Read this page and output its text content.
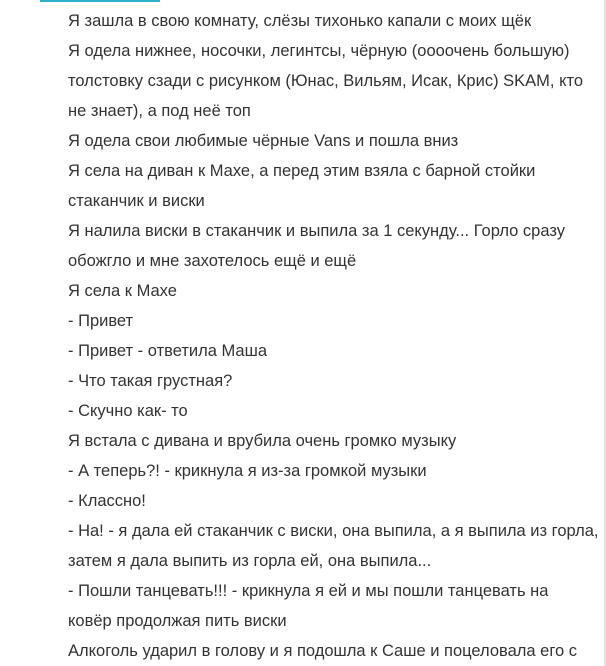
Я зашла в свою комнату, слёзы тихонько капали с моих щёк
Я одела нижнее, носочки, легинтсы, чёрную (оооочень большую)
толстовку сзади с рисунком (Юнас, Вильям, Исак, Крис) SKAM, кто
не знает), а под неё топ
Я одела свои любимые чёрные Vans и пошла вниз
Я села на диван к Махе, а перед этим взяла с барной стойки
стаканчик и виски
Я налила виски в стаканчик и выпила за 1 секунду... Горло сразу
обожгло и мне захотелось ещё и ещё
Я села к Махе
- Привет
- Привет - ответила Маша
- Что такая грустная?
- Скучно как- то
Я встала с дивана и врубила очень громко музыку
- А теперь?! - крикнула я из-за громкой музыки
- Классно!
- На! - я дала ей стаканчик с виски, она выпила, а я выпила из горла,
затем я дала выпить из горла ей, она выпила...
- Пошли танцевать!!! - крикнула я ей и мы пошли танцевать на
ковёр продолжая пить виски
Алкоголь ударил в голову и я подошла к Саше и поцеловала его с
